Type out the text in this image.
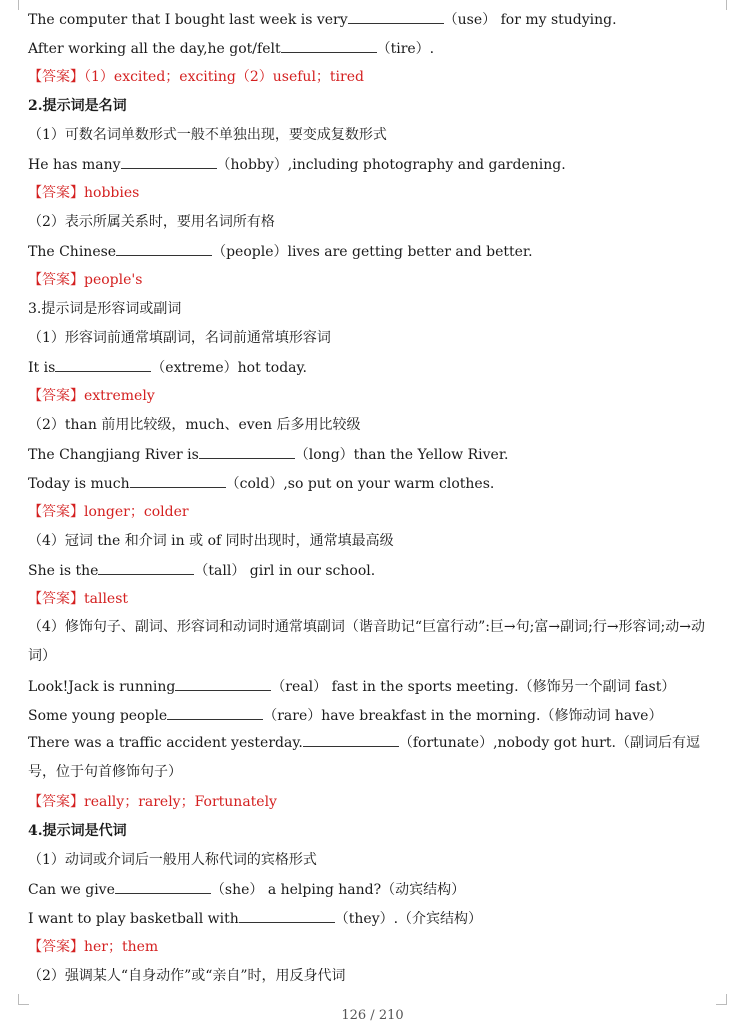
The computer that I bought last week is very	（use） for my studying.
After working all the day,he got/felt	（tire）.
【答案】（1）excited；exciting（2）useful；tired
2.提示词是名词
（1）可数名词单数形式一般不单独出现，要变成复数形式
He has many	（hobby）,including photography and gardening.
【答案】hobbies
（2）表示所属关系时，要用名词所有格
The Chinese	（people）lives are getting better and better.
【答案】people's
3.提示词是形容词或副词
（1）形容词前通常填副词，名词前通常填形容词
It is	（extreme）hot today.
【答案】extremely
（2）than 前用比较级，much、even 后多用比较级
The Changjiang River is	（long）than the Yellow River.
Today is much	（cold）,so put on your warm clothes.
【答案】longer；colder
（4）冠词 the 和介词 in 或 of 同时出现时，通常填最高级
She is the	（tall） girl in our school.
【答案】tallest
（4）修饰句子、副词、形容词和动词时通常填副词（谐音助记“巨富行动”:巨→句;富→副词;行→形容词;动→动词）
Look!Jack is running	（real） fast in the sports meeting.（修饰另一个副词 fast）
Some young people	（rare）have breakfast in the morning.（修饰动词 have）
There was a traffic accident yesterday.	（fortunate）,nobody got hurt.（副词后有逗号，位于句首修饰句子）
【答案】really；rarely；Fortunately
4.提示词是代词
（1）动词或介词后一般用人称代词的宾格形式
Can we give	（she） a helping hand?（动宾结构）
I want to play basketball with	（they）.（介宾结构）
【答案】her；them
（2）强调某人“自身动作”或“亲自”时，用反身代词
126 / 210
